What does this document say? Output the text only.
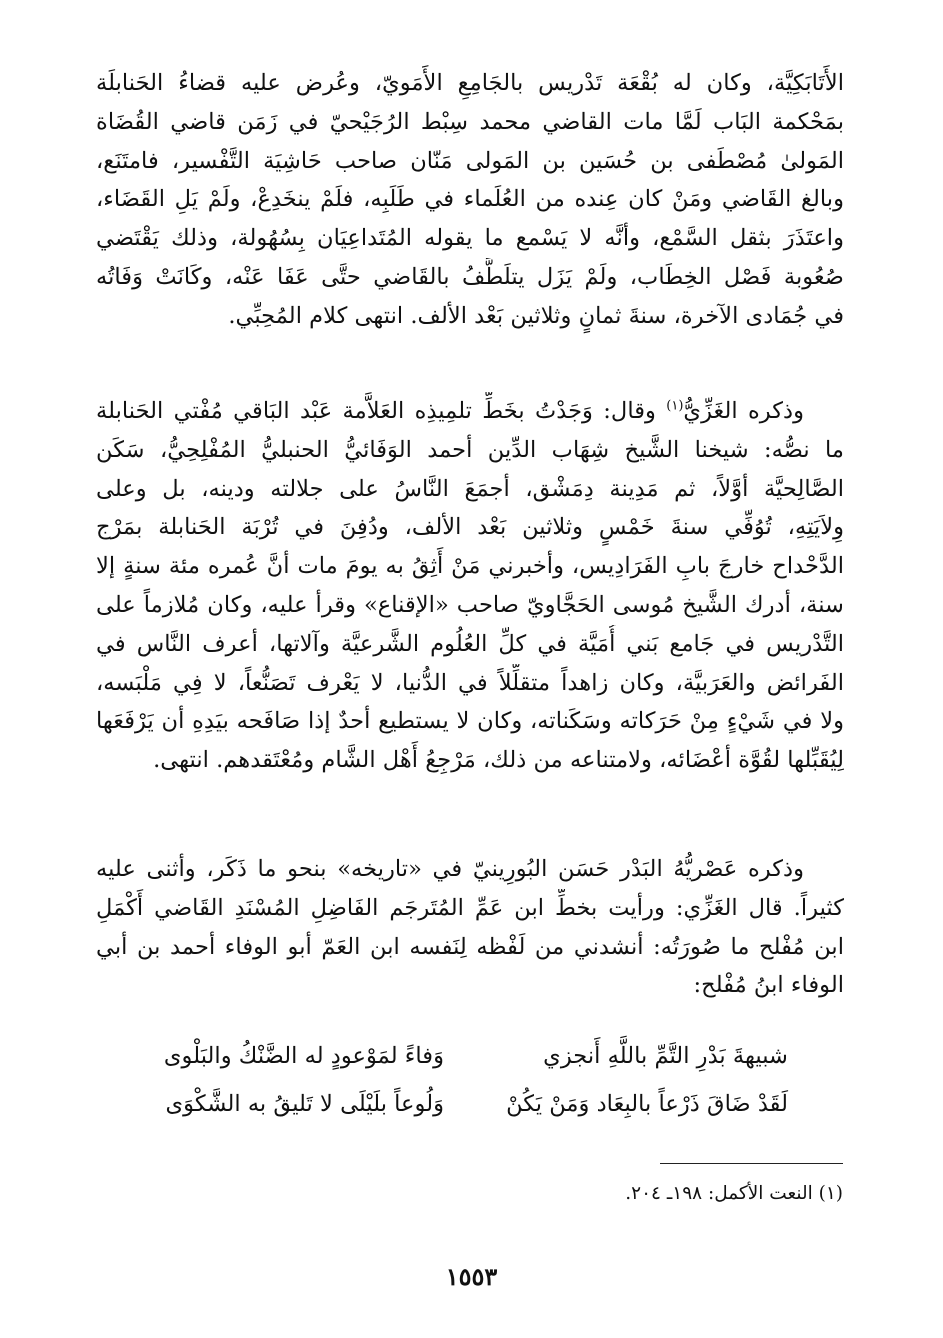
الأَتَابَكِيَّة، وكان له بُقْعَة تَدْريس بالجَامِعِ الأَمَويّ، وعُرض عليه قضاءُ الحَنابلَة
بمَحْكمة البَاب لَمَّا مات القاضي محمد سِبْط الرُجَيْحيّ في زَمَن قاضي القُضَاة
المَولىٰ مُصْطَفى بن حُسَين بن المَولى مَنّان صاحب حَاشِيَة التَّفْسير، فامتَنَع،
وبالغ القَاضي ومَنْ كان عِنده من العُلَماء في طَلَبِه، فلَمْ ينخَدِعْ، ولَمْ يَلِ القَضَاء،
واعتَذَرَ بثقل السَّمْع، وأنَّه لا يَسْمع ما يقوله المُتَداعِيَان بِسُهُولة، وذلك يَقْتَضي
صُعُوبة فَصْل الخِطَاب، ولَمْ يَزَل يتلَطَّفُ بالقَاضي حتَّى عَفَا عَنْه، وكَانَتْ وَفَاتُه
في جُمَادى الآخرة، سنةَ ثمانٍ وثلاثين بَعْد الألف. انتهى كلام المُحِبِّي.
وذكره الغَزِّيُّ$^{(١)}$ وقال: وَجَدْتُ بخَطِّ تلمِيذِه العَلاَّمة عَبْد البَاقي مُفْتي الحَنابلة
ما نصُّه: شيخنا الشَّيخ شِهَاب الدِّين أحمد الوَفَائيُّ الحنبليُّ المُفْلِحِيُّ، سَكَن
الصَّالِحيَّة أوَّلاً، ثم مَدِينة دِمَشْق، أجمَعَ النَّاسُ على جلالته ودينه، بل وعلى
وِلاَيَتِهِ، تُوُفِّي سنةَ خَمْسٍ وثلاثين بَعْد الألف، ودُفِنَ في تُرْبَة الحَنابلة بمَرْج
الدَّحْداح خارجَ بابِ الفَرَادِيس، وأخبرني مَنْ أَثِقُ به يومَ مات أنَّ عُمره مئة سنةٍ إلا
سنة، أدرك الشَّيخ مُوسى الحَجَّاويّ صاحب «الإقناع» وقرأ عليه، وكان مُلازماً على
التَّدْريس في جَامع بَني أُمَيَّة في كلِّ العُلُوم الشَّرعيَّة وآلاتها، أعرف النَّاس في
الفَرائض والعَرَبيَّة، وكان زاهداً متقلِّلاً في الدُّنيا، لا يَعْرف تَصَنُّعاً، لا فِي مَلْبَسه،
ولا في شَيْءٍ مِنْ حَرَكاته وسَكَناته، وكان لا يستطيع أحدٌ إذا صَافَحه بيَدِهِ أن يَرْفَعَها
لِيُقَبِّلها لقُوَّة أعْضَائه، ولامتناعه من ذلك، مَرْجِعُ أَهْل الشَّام ومُعْتَقدهم. انتهى.
وذكره عَصْريُّهُ البَدْر حَسَن البُورِينيّ في «تاريخه» بنحو ما ذَكَر، وأثنى عليه
كثيراً. قال الغَزِّي: ورأيت بخطِّ ابن عَمِّ المُتَرجَم الفَاضِلِ المُسْنَدِ القَاضي أَكْمَلِ
ابن مُفْلح ما صُورَتُه: أنشدني من لَفْظه لِنَفسه ابن العَمّ أبو الوفاء أحمد بن أبي
الوفاء ابنُ مُفْلح:
شبيهةَ بَدْرِ التَّمِّ باللَّهِ أَنجزي
وَفاءً لمَوْعودٍ له الضَّنْكُ والبَلْوى
لَقَدْ ضَاقَ ذَرْعاً بالبِعَاد وَمَنْ يَكُنْ
وَلُوعاً بلَيْلَى لا تَليقُ به الشَّكْوَى
(١) النعت الأكمل: ١٩٨ـ ٢٠٤.
١٥٥٣
